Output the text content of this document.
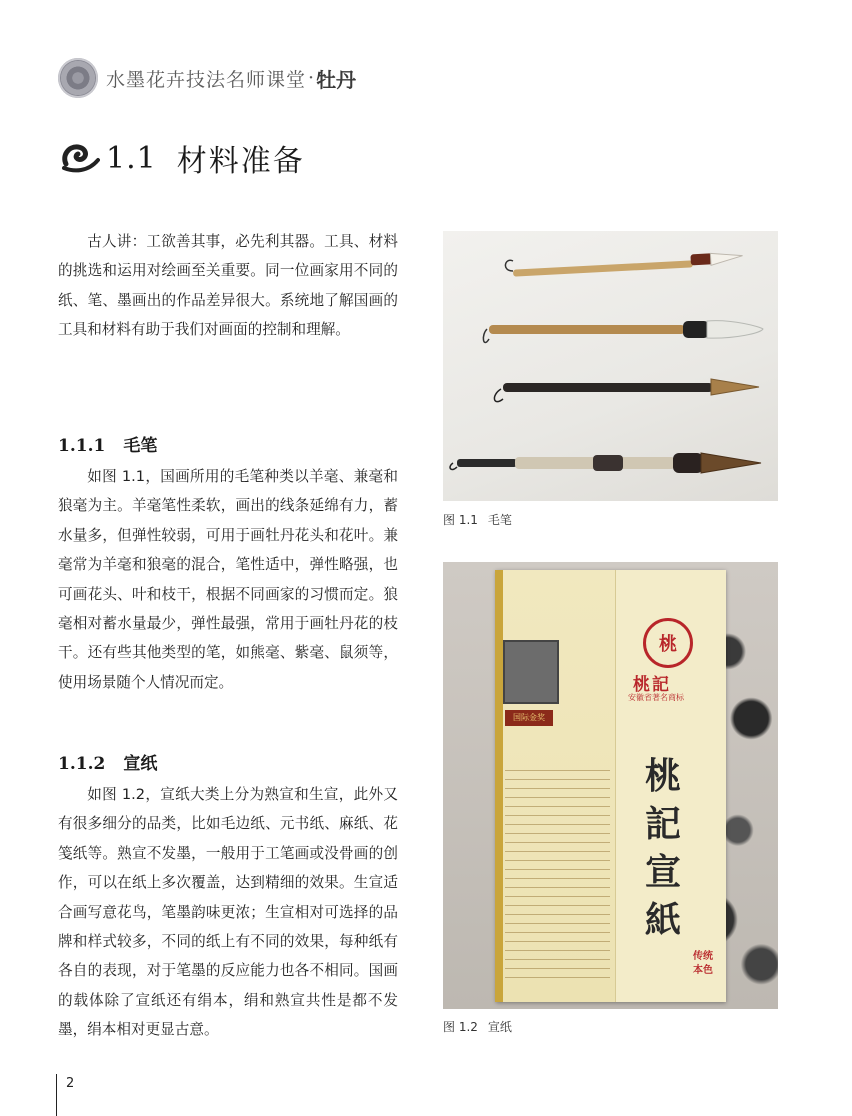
水墨花卉技法名师课堂 · 牡丹
1.1 材料准备

古人讲：工欲善其事，必先利其器。工具、材料的挑选和运用对绘画至关重要。同一位画家用不同的纸、笔、墨画出的作品差异很大。系统地了解国画的工具和材料有助于我们对画面的控制和理解。

1.1.1 毛笔

如图 1.1，国画所用的毛笔种类以羊毫、兼毫和狼毫为主。羊毫笔性柔软，画出的线条延绵有力，蓄水量多，但弹性较弱，可用于画牡丹花头和花叶。兼毫常为羊毫和狼毫的混合，笔性适中，弹性略强，也可画花头、叶和枝干，根据不同画家的习惯而定。狼毫相对蓄水量最少，弹性最强，常用于画牡丹花的枝干。还有些其他类型的笔，如熊毫、紫毫、鼠须等，使用场景随个人情况而定。

1.1.2 宣纸

如图 1.2，宣纸大类上分为熟宣和生宣，此外又有很多细分的品类，比如毛边纸、元书纸、麻纸、花笺纸等。熟宣不发墨，一般用于工笔画或没骨画的创作，可以在纸上多次覆盖，达到精细的效果。生宣适合画写意花鸟，笔墨韵味更浓；生宣相对可选择的品牌和样式较多，不同的纸上有不同的效果，每种纸有各自的表现，对于笔墨的反应能力也各不相同。国画的载体除了宣纸还有绢本，绢和熟宣共性是都不发墨，绢本相对更显古意。

图 1.1 毛笔
国际金奖
桃
桃記
安徽省著名商标
桃記宣紙
传统本色
图 1.2 宣纸
2
